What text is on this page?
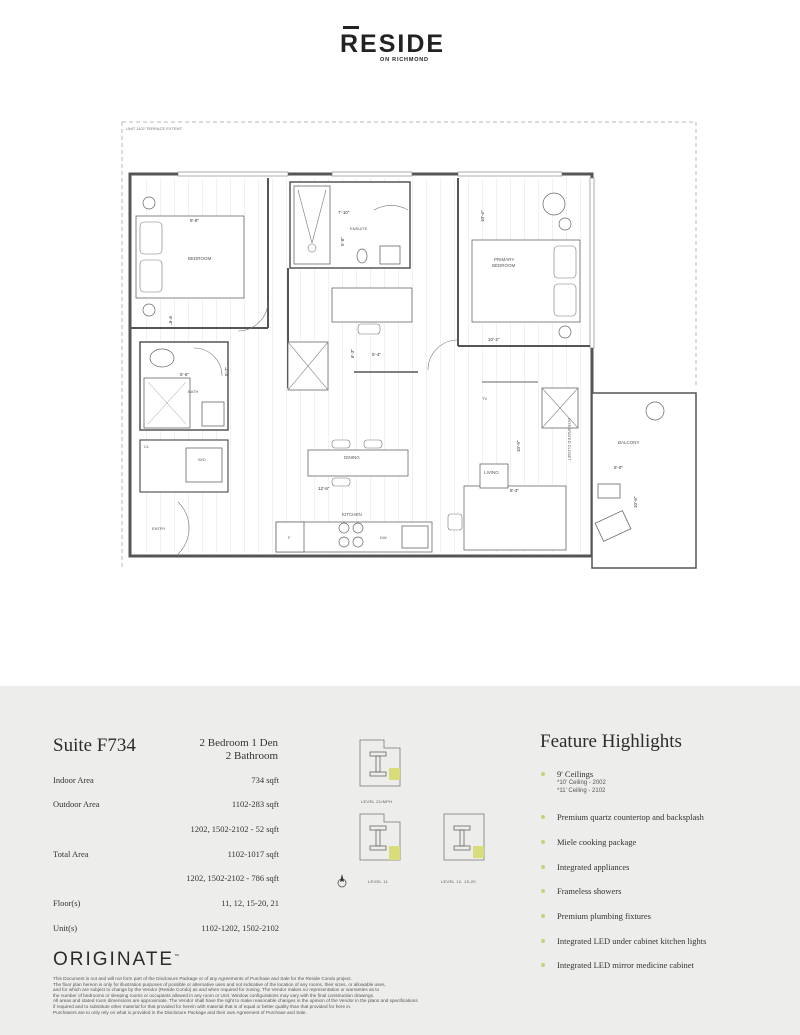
RESIDE
ON RICHMOND
UNIT 1102 TERRACE EXTENT
BALCONY
5'-0"
10'-6"
BEDROOM
9'-8"
9'-8"
ENSUITE
7'-10"
5'-8"
6'-3"	5'-4"
BATH
5'-6"	5'-7"
CL
W/D
ENTRY
DINING
12'-6"
F	DW
KITCHEN
PRIMARY
BEDROOM
10'-4"
10'-2"
INTEGRATED CLOSET
LIVING
10'-9"
8'-3"
TV
Suite F734	2 Bedroom 1 Den
2 Bathroom
Indoor Area	734 sqft
Outdoor Area	1102-283 sqft
1202, 1502-2102 - 52 sqft
Total Area	1102-1017 sqft
1202, 1502-2102 - 786 sqft
Floor(s)	11, 12, 15-20, 21
Unit(s)	1102-1202, 1502-2102
LEVEL 21/MPH
LEVEL 11	LEVEL 12, 15-20
Feature Highlights
9' Ceilings
*10' Ceiling - 2002
*11' Ceiling - 2102
Premium quartz countertop and backsplash
Miele cooking package
Integrated appliances
Frameless showers
Premium plumbing fixtures
Integrated LED under cabinet kitchen lights
Integrated LED mirror medicine cabinet
ORIGINATE™
This Document is not and will not form part of the Disclosure Package or of any Agreements of Purchase and Sale for the Reside Condo project.
The floor plan hereon is only for illustration purposes of possible or alternative uses and not indicative of the location of any rooms, their sizes, or allowable uses,
and for which are subject to change by the Vendor (Reside Condo) as and when required for zoning. The Vendor makes no representation or warranties as to
the number of bedrooms or sleeping rooms or occupants allowed in any room or Unit. Window configurations may vary with the final construction drawings.
All areas and stated room dimensions are approximate. The Vendor shall have the right to make reasonable changes in the opinion of the Vendor in the plans and specifications
if required and to substitute other material for that provided for herein with material that is of equal or better quality than that provided for here in.
Purchasers are to only rely on what is provided in the Disclosure Package and their own Agreement of Purchase and Sale.
